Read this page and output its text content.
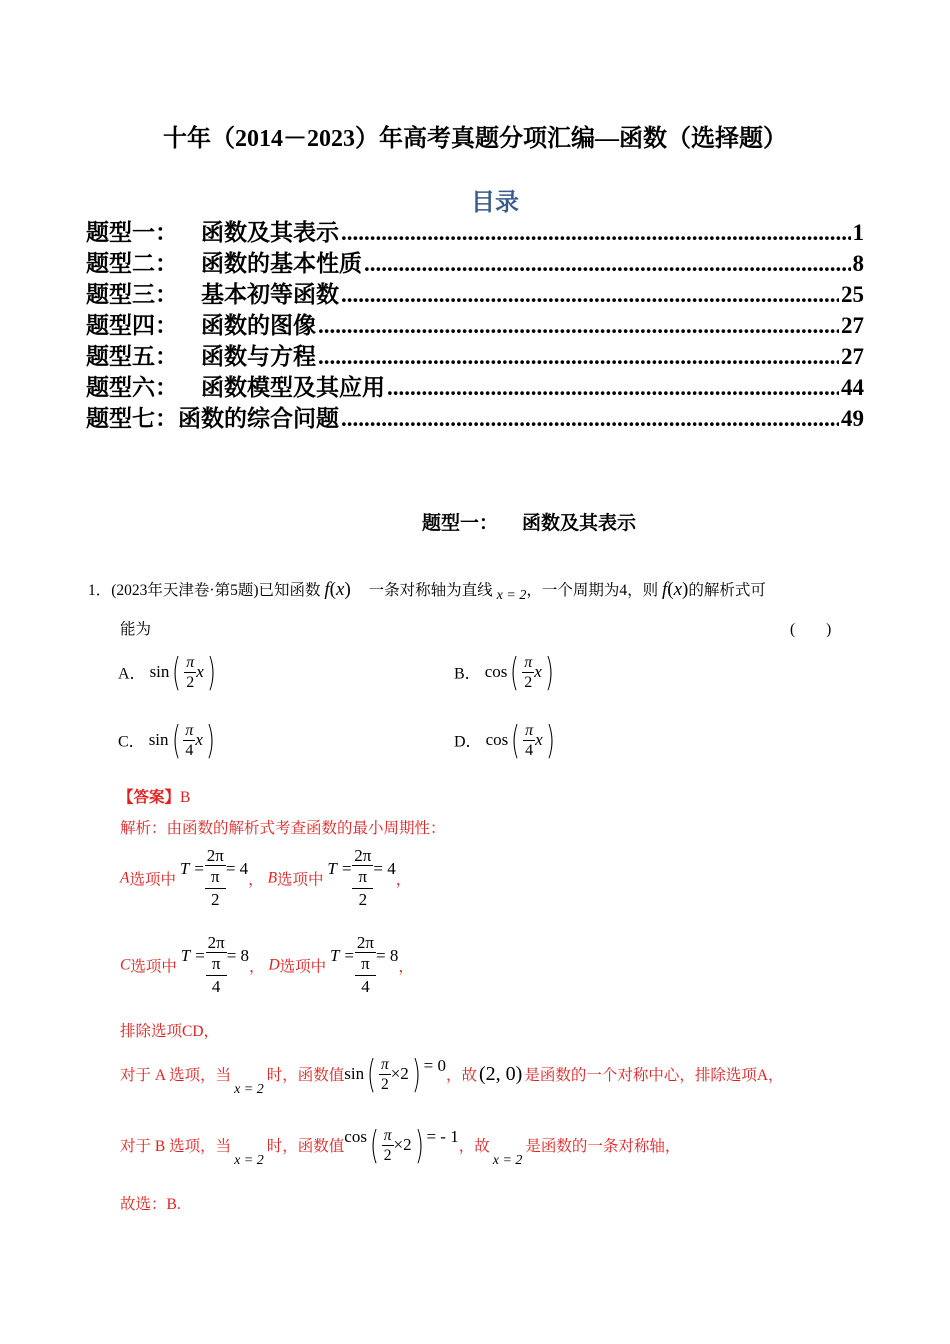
十年（2014－2023）年高考真题分项汇编—函数（选择题）
目录
题型一：	函数及其表示 .....	1
题型二：	函数的基本性质 .....	8
题型三：	基本初等函数 .....	25
题型四：	函数的图像 .....	27
题型五：	函数与方程 .....	27
题型六：	函数模型及其应用 .....	44
题型七： 函数的综合问题 .....	49
题型一： 函数及其表示
1．(2023年天津卷·第5题)已知函数 f(x) 一条对称轴为直线 x = 2，一个周期为4，则 f(x)的解析式可
能为	(　　)
A． $\sin( \frac{\pi}{2} x)$	B． $\cos( \frac{\pi}{2} x)$
C． $\sin( \frac{\pi}{4} x)$	D． $\cos( \frac{\pi}{4} x)$
【答案】B
解析：由函数的解析式考查函数的最小周期性：
A选项中 T = 2π
π
2 = 4， B选项中 T = 2π
π
2 = 4，
C选项中 T = 2π
π
4 = 8， D选项中 T = 2π
π
4 = 8，
排除选项CD，
对于 A 选项，当x = 2时，函数值$\sin( \frac{\pi}{2} \times 2) = 0$，故 (2, 0) 是函数的一个对称中心，排除选项A，
对于 B 选项，当x = 2时，函数值$\cos( \frac{\pi}{2} \times 2)$ = - 1，故x = 2是函数的一条对称轴，
故选：B.
